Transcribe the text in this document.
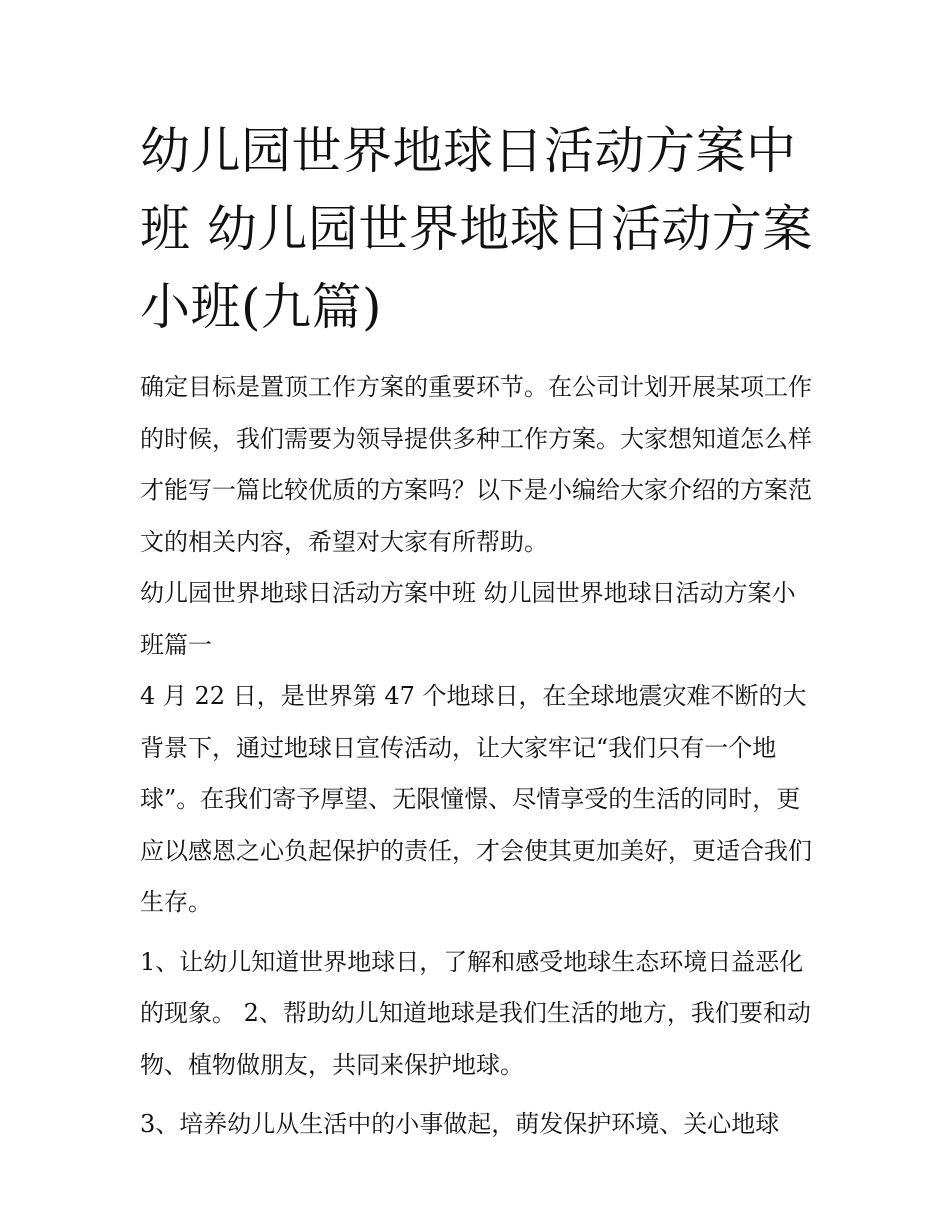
幼儿园世界地球日活动方案中班 幼儿园世界地球日活动方案小班(九篇)

确定目标是置顶工作方案的重要环节。在公司计划开展某项工作的时候，我们需要为领导提供多种工作方案。大家想知道怎么样才能写一篇比较优质的方案吗？以下是小编给大家介绍的方案范文的相关内容，希望对大家有所帮助。

幼儿园世界地球日活动方案中班 幼儿园世界地球日活动方案小班篇一

4 月 22 日，是世界第 47 个地球日，在全球地震灾难不断的大背景下，通过地球日宣传活动，让大家牢记“我们只有一个地球”。在我们寄予厚望、无限憧憬、尽情享受的生活的同时，更应以感恩之心负起保护的责任，才会使其更加美好，更适合我们生存。

1、让幼儿知道世界地球日，了解和感受地球生态环境日益恶化的现象。 2、帮助幼儿知道地球是我们生活的地方，我们要和动物、植物做朋友，共同来保护地球。

3、培养幼儿从生活中的小事做起，萌发保护环境、关心地球
